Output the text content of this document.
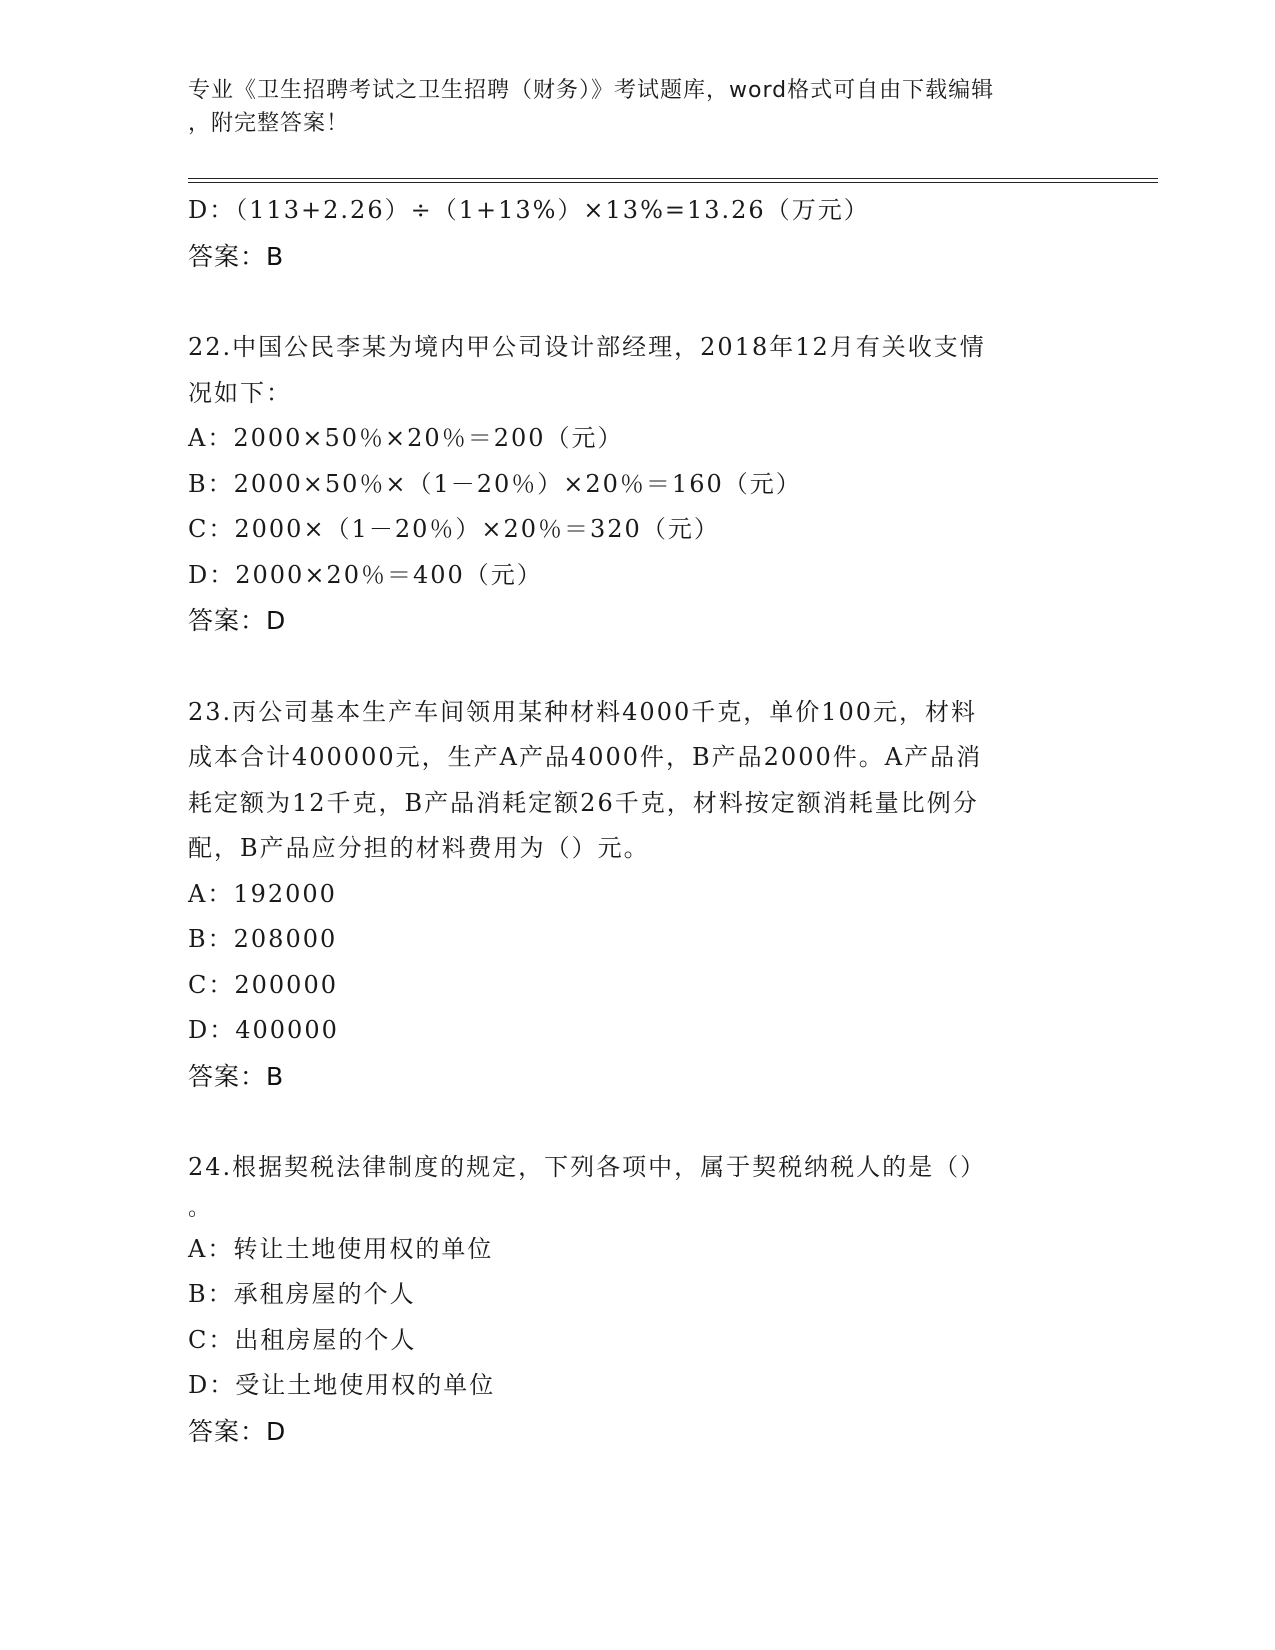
专业《卫生招聘考试之卫生招聘（财务）》考试题库，word格式可自由下载编辑
，附完整答案！
D：（113+2.26）÷（1+13%）×13%=13.26（万元）
答案：B
22.中国公民李某为境内甲公司设计部经理，2018年12月有关收支情
况如下：
A：2000×50％×20％＝200（元）
B：2000×50％×（1－20％）×20％＝160（元）
C：2000×（1－20％）×20％＝320（元）
D：2000×20％＝400（元）
答案：D
23.丙公司基本生产车间领用某种材料4000千克，单价100元，材料
成本合计400000元，生产A产品4000件，B产品2000件。A产品消
耗定额为12千克，B产品消耗定额26千克，材料按定额消耗量比例分
配，B产品应分担的材料费用为（）元。
A：192000
B：208000
C：200000
D：400000
答案：B
24.根据契税法律制度的规定，下列各项中，属于契税纳税人的是（）
。
A：转让土地使用权的单位
B：承租房屋的个人
C：出租房屋的个人
D：受让土地使用权的单位
答案：D
